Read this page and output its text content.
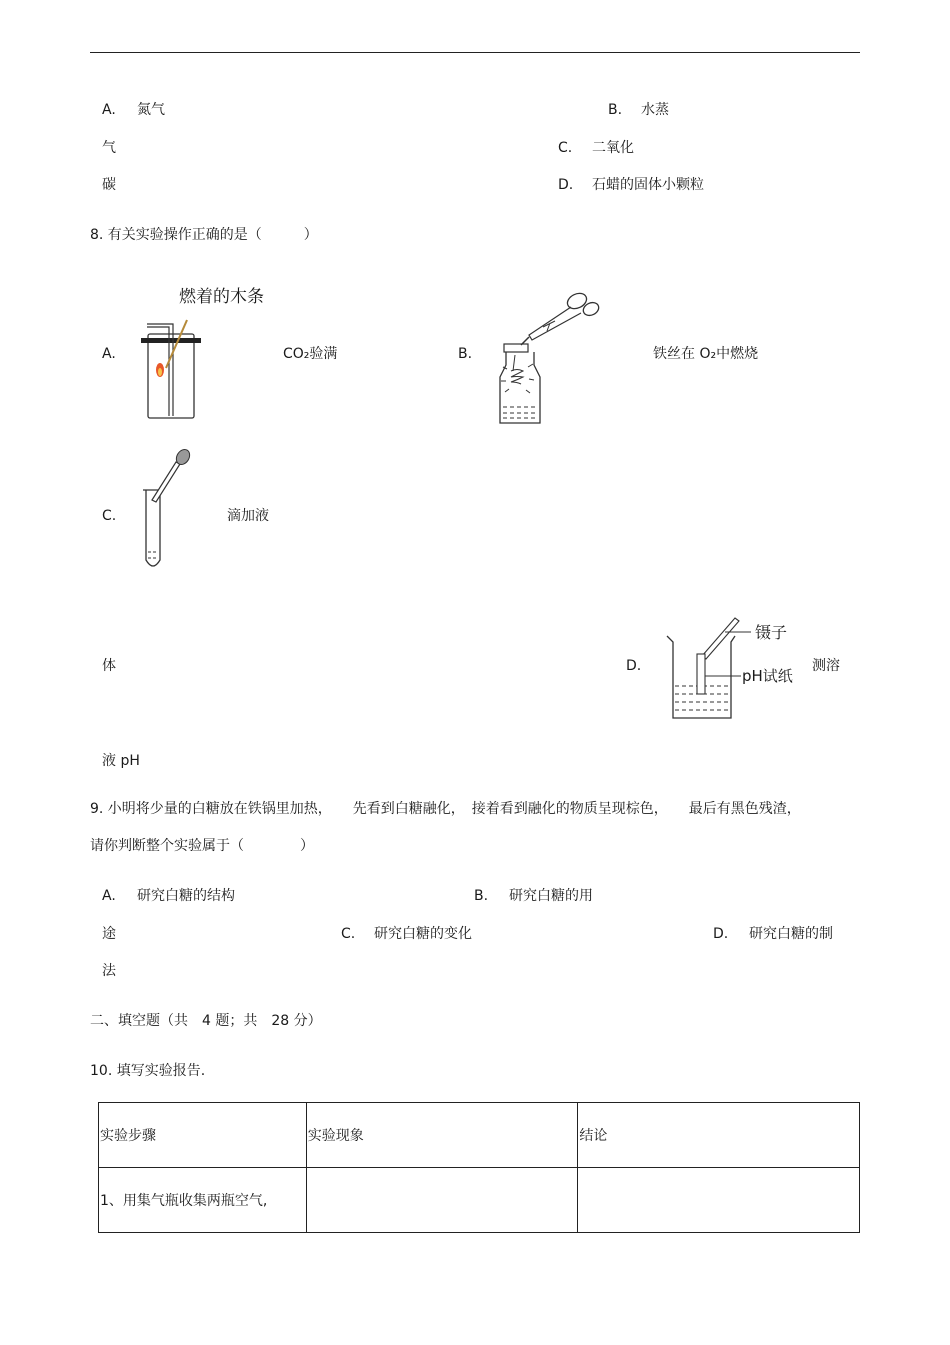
A. 氮气	B. 水蒸
气	C. 二氧化
碳	D. 石蜡的固体小颗粒
8. 有关实验操作正确的是（　　　）
燃着的木条
A.	CO₂验满	B.	铁丝在 O₂中燃烧
C.	滴加液
体
镊子
pH试纸
D.	测溶
液 pH
9. 小明将少量的白糖放在铁锅里加热，　　先看到白糖融化，　接着看到融化的物质呈现棕色，　　最后有黑色残渣，
请你判断整个实验属于（　　　　）
A. 研究白糖的结构	B. 研究白糖的用
途	C. 研究白糖的变化	D. 研究白糖的制
法
二、填空题（共　4 题；共　28 分）
10. 填写实验报告.
实验步骤	实验现象	结论
1、用集气瓶收集两瓶空气,		
